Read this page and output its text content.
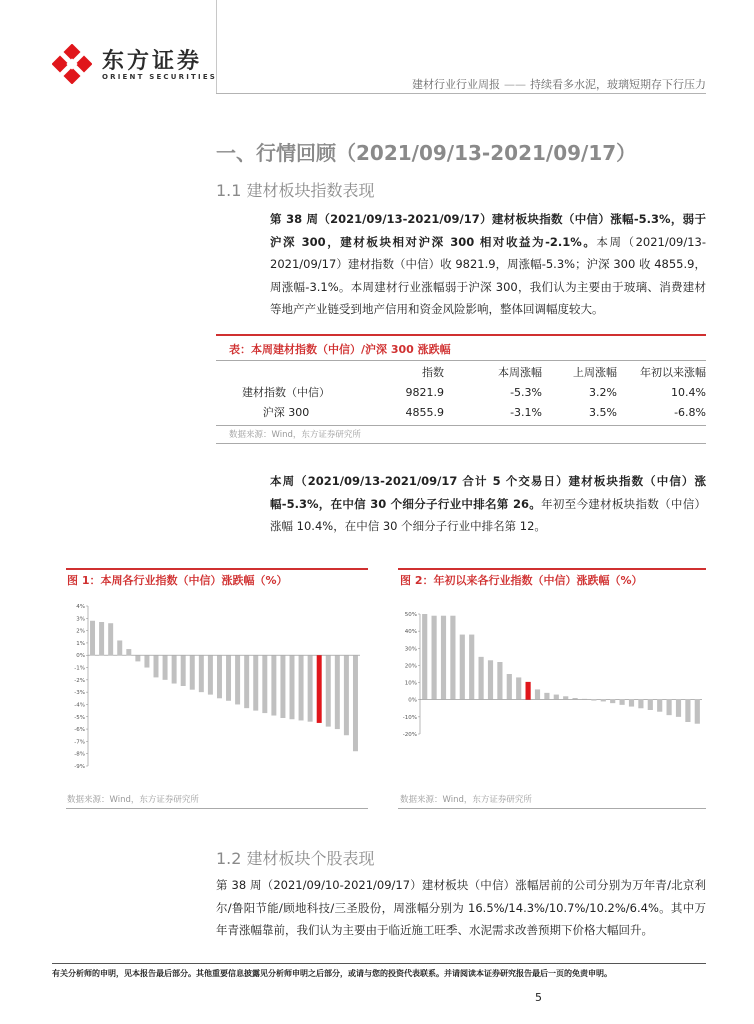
东方证券
ORIENT SECURITIES
建材行业行业周报 —— 持续看多水泥，玻璃短期存下行压力
一、行情回顾（2021/09/13-2021/09/17）
1.1 建材板块指数表现
第 38 周（2021/09/13-2021/09/17）建材板块指数（中信）涨幅-5.3%，弱于沪深 300，建材板块相对沪深 300 相对收益为-2.1%。本周（2021/09/13-2021/09/17）建材指数（中信）收 9821.9，周涨幅-5.3%；沪深 300 收 4855.9，周涨幅-3.1%。本周建材行业涨幅弱于沪深 300，我们认为主要由于玻璃、消费建材等地产产业链受到地产信用和资金风险影响，整体回调幅度较大。
表：本周建材指数（中信）/沪深 300 涨跌幅
	指数	本周涨幅	上周涨幅	年初以来涨幅
建材指数（中信）	9821.9	-5.3%	3.2%	10.4%
沪深 300	4855.9	-3.1%	3.5%	-6.8%
数据来源：Wind，东方证券研究所
本周（2021/09/13-2021/09/17 合计 5 个交易日）建材板块指数（中信）涨幅-5.3%，在中信 30 个细分子行业中排名第 26。年初至今建材板块指数（中信）涨幅 10.4%，在中信 30 个细分子行业中排名第 12。
图 1：本周各行业指数（中信）涨跌幅（%）
4%
3%
2%
1%
0%
-1%
-2%
-3%
-4%
-5%
-6%
-7%
-8%
-9%
数据来源：Wind，东方证券研究所
图 2：年初以来各行业指数（中信）涨跌幅（%）
50%
40%
30%
20%
10%
0%
-10%
-20%
数据来源：Wind，东方证券研究所
1.2 建材板块个股表现
第 38 周（2021/09/10-2021/09/17）建材板块（中信）涨幅居前的公司分别为万年青/北京利尔/鲁阳节能/顾地科技/三圣股份，周涨幅分别为 16.5%/14.3%/10.7%/10.2%/6.4%。其中万年青涨幅靠前，我们认为主要由于临近施工旺季、水泥需求改善预期下价格大幅回升。
有关分析师的申明，见本报告最后部分。其他重要信息披露见分析师申明之后部分，或请与您的投资代表联系。并请阅读本证券研究报告最后一页的免责申明。
5
